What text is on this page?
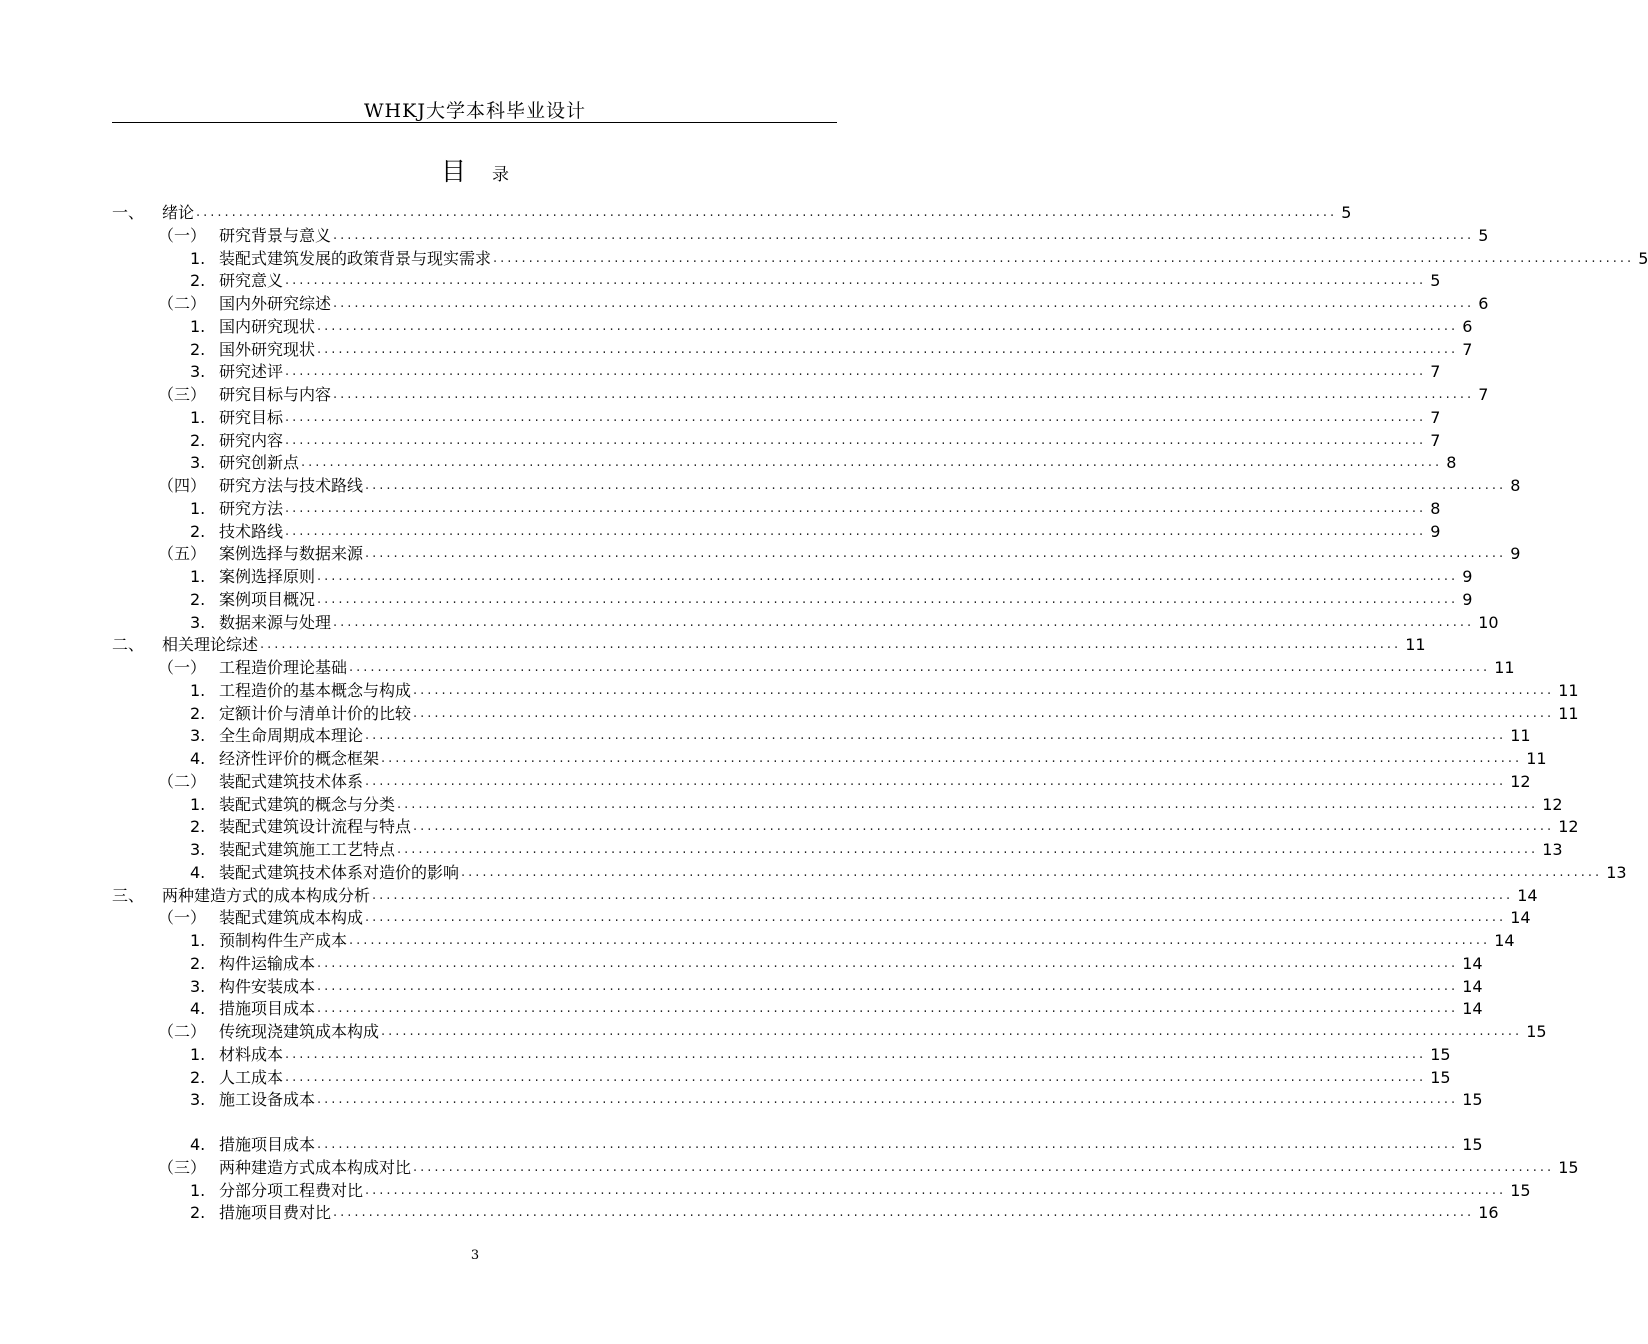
WHKJ大学本科毕业设计
目 录
一、 绪论 ................................................................................................................................................................ 5
（一） 研究背景与意义 ................................................................................................................................................................ 5
1. 装配式建筑发展的政策背景与现实需求 ................................................................................................................................................................ 5
2. 研究意义 ................................................................................................................................................................ 5
（二） 国内外研究综述 ................................................................................................................................................................ 6
1. 国内研究现状 ................................................................................................................................................................ 6
2. 国外研究现状 ................................................................................................................................................................ 7
3. 研究述评 ................................................................................................................................................................ 7
（三） 研究目标与内容 ................................................................................................................................................................ 7
1. 研究目标 ................................................................................................................................................................ 7
2. 研究内容 ................................................................................................................................................................ 7
3. 研究创新点 ................................................................................................................................................................ 8
（四） 研究方法与技术路线 ................................................................................................................................................................ 8
1. 研究方法 ................................................................................................................................................................ 8
2. 技术路线 ................................................................................................................................................................ 9
（五） 案例选择与数据来源 ................................................................................................................................................................ 9
1. 案例选择原则 ................................................................................................................................................................ 9
2. 案例项目概况 ................................................................................................................................................................ 9
3. 数据来源与处理 ................................................................................................................................................................ 10
二、 相关理论综述 ................................................................................................................................................................ 11
（一） 工程造价理论基础 ................................................................................................................................................................ 11
1. 工程造价的基本概念与构成 ................................................................................................................................................................ 11
2. 定额计价与清单计价的比较 ................................................................................................................................................................ 11
3. 全生命周期成本理论 ................................................................................................................................................................ 11
4. 经济性评价的概念框架 ................................................................................................................................................................ 11
（二） 装配式建筑技术体系 ................................................................................................................................................................ 12
1. 装配式建筑的概念与分类 ................................................................................................................................................................ 12
2. 装配式建筑设计流程与特点 ................................................................................................................................................................ 12
3. 装配式建筑施工工艺特点 ................................................................................................................................................................ 13
4. 装配式建筑技术体系对造价的影响 ................................................................................................................................................................ 13
三、 两种建造方式的成本构成分析 ................................................................................................................................................................ 14
（一） 装配式建筑成本构成 ................................................................................................................................................................ 14
1. 预制构件生产成本 ................................................................................................................................................................ 14
2. 构件运输成本 ................................................................................................................................................................ 14
3. 构件安装成本 ................................................................................................................................................................ 14
4. 措施项目成本 ................................................................................................................................................................ 14
（二） 传统现浇建筑成本构成 ................................................................................................................................................................ 15
1. 材料成本 ................................................................................................................................................................ 15
2. 人工成本 ................................................................................................................................................................ 15
3. 施工设备成本 ................................................................................................................................................................ 15
4. 措施项目成本 ................................................................................................................................................................ 15
（三） 两种建造方式成本构成对比 ................................................................................................................................................................ 15
1. 分部分项工程费对比 ................................................................................................................................................................ 15
2. 措施项目费对比 ................................................................................................................................................................ 16
3
